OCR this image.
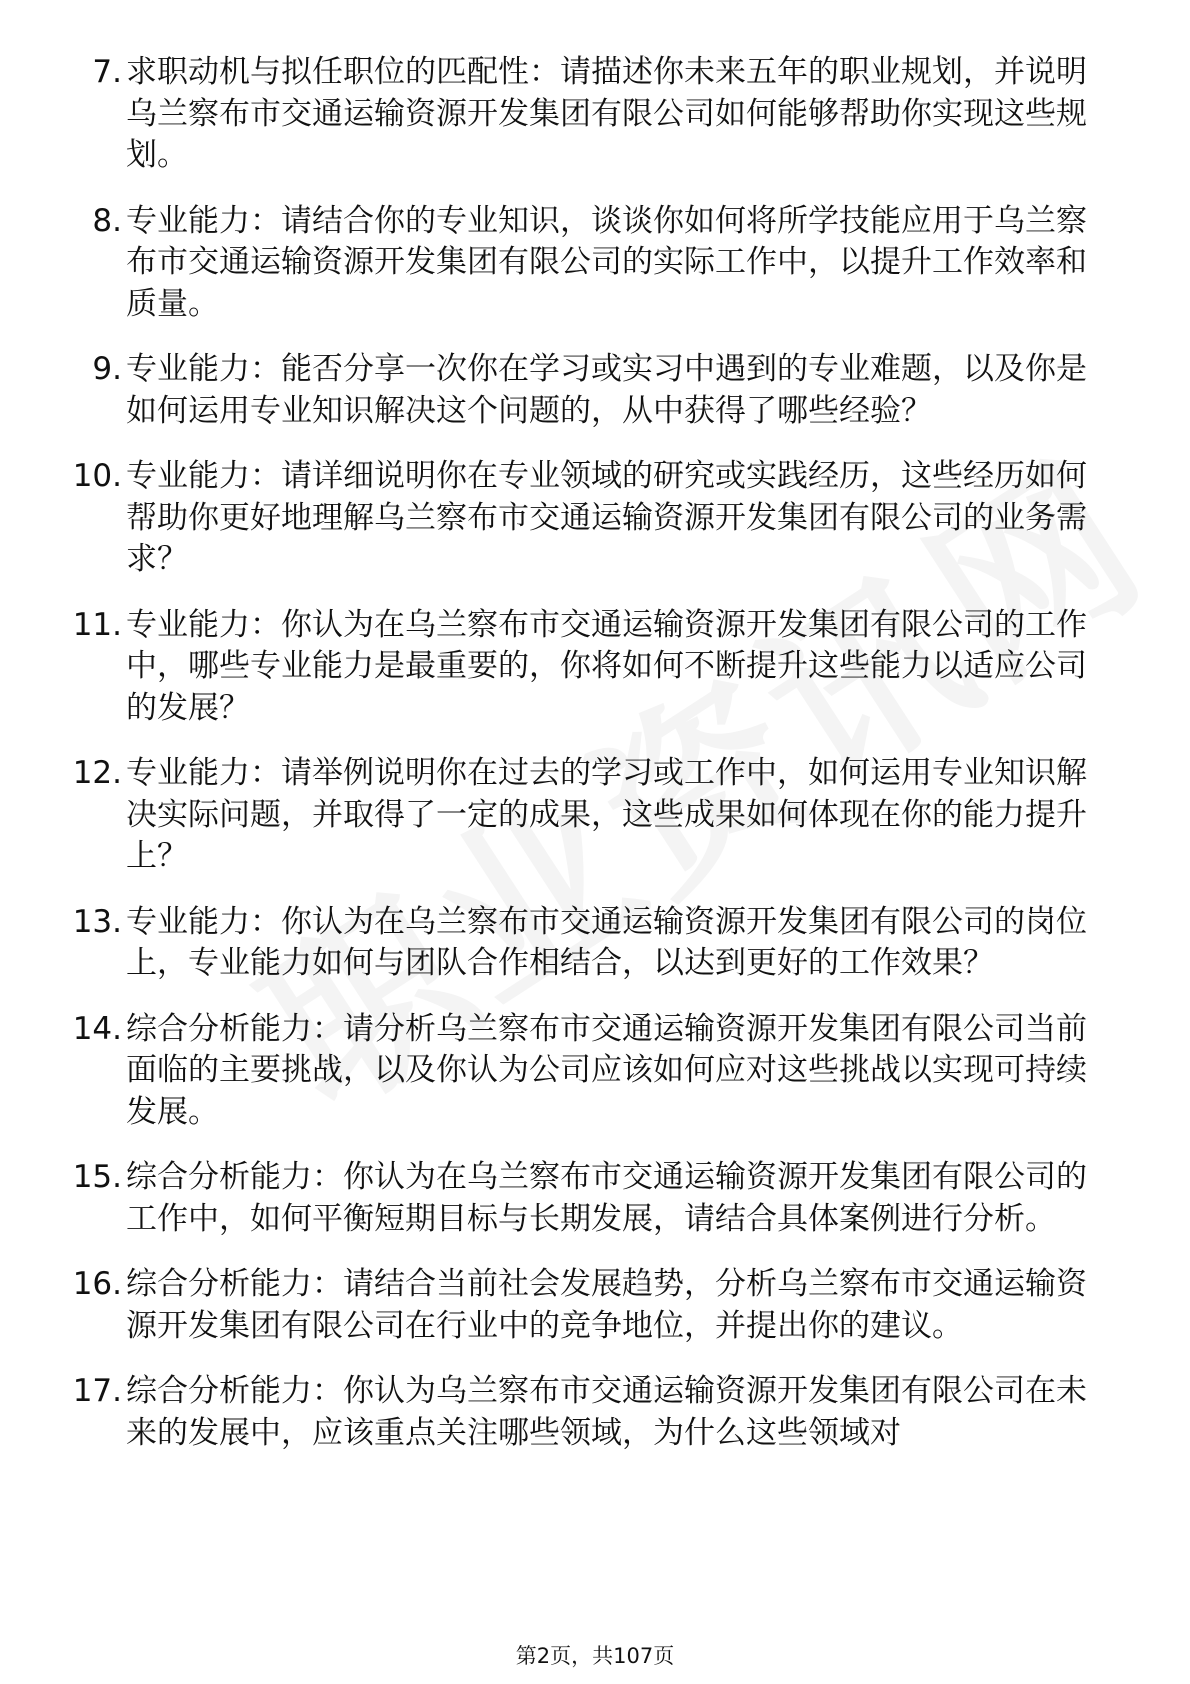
7. 求职动机与拟任职位的匹配性：请描述你未来五年的职业规划，并说明乌兰察布市交通运输资源开发集团有限公司如何能够帮助你实现这些规划。
8. 专业能力：请结合你的专业知识，谈谈你如何将所学技能应用于乌兰察布市交通运输资源开发集团有限公司的实际工作中，以提升工作效率和质量。
9. 专业能力：能否分享一次你在学习或实习中遇到的专业难题，以及你是如何运用专业知识解决这个问题的，从中获得了哪些经验？
10. 专业能力：请详细说明你在专业领域的研究或实践经历，这些经历如何帮助你更好地理解乌兰察布市交通运输资源开发集团有限公司的业务需求？
11. 专业能力：你认为在乌兰察布市交通运输资源开发集团有限公司的工作中，哪些专业能力是最重要的，你将如何不断提升这些能力以适应公司的发展？
12. 专业能力：请举例说明你在过去的学习或工作中，如何运用专业知识解决实际问题，并取得了一定的成果，这些成果如何体现在你的能力提升上？
13. 专业能力：你认为在乌兰察布市交通运输资源开发集团有限公司的岗位上，专业能力如何与团队合作相结合，以达到更好的工作效果？
14. 综合分析能力：请分析乌兰察布市交通运输资源开发集团有限公司当前面临的主要挑战，以及你认为公司应该如何应对这些挑战以实现可持续发展。
15. 综合分析能力：你认为在乌兰察布市交通运输资源开发集团有限公司的工作中，如何平衡短期目标与长期发展，请结合具体案例进行分析。
16. 综合分析能力：请结合当前社会发展趋势，分析乌兰察布市交通运输资源开发集团有限公司在行业中的竞争地位，并提出你的建议。
17. 综合分析能力：你认为乌兰察布市交通运输资源开发集团有限公司在未来的发展中，应该重点关注哪些领域，为什么这些领域对
第2页，共107页
